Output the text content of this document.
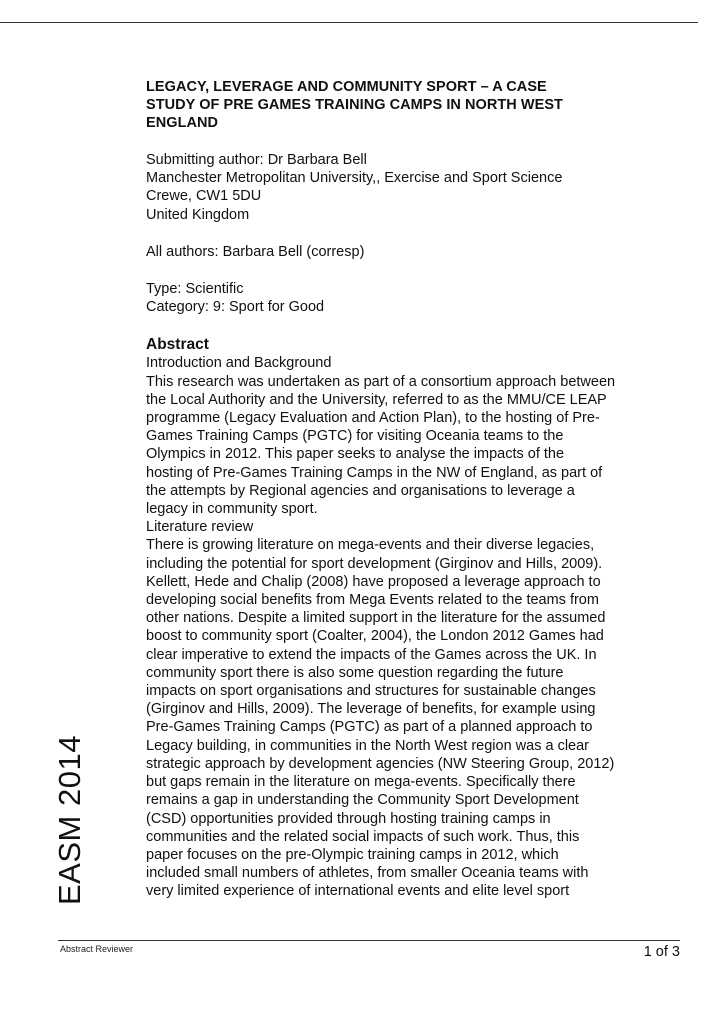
LEGACY, LEVERAGE AND COMMUNITY SPORT – A CASE
STUDY OF PRE GAMES TRAINING CAMPS IN NORTH WEST
ENGLAND
Submitting author: Dr Barbara Bell
Manchester Metropolitan University,, Exercise and Sport Science
Crewe, CW1 5DU
United Kingdom
All authors: Barbara Bell (corresp)
Type: Scientific
Category: 9: Sport for Good
Abstract
Introduction and Background
This research was undertaken as part of a consortium approach between
the Local Authority and the University, referred to as the MMU/CE LEAP
programme (Legacy Evaluation and Action Plan), to the hosting of Pre-
Games Training Camps (PGTC) for visiting Oceania teams to the
Olympics in 2012. This paper seeks to analyse the impacts of the
hosting of Pre-Games Training Camps in the NW of England, as part of
the attempts by Regional agencies and organisations to leverage a
legacy in community sport.
Literature review
There is growing literature on mega-events and their diverse legacies,
including the potential for sport development (Girginov and Hills, 2009).
Kellett, Hede and Chalip (2008) have proposed a leverage approach to
developing social benefits from Mega Events related to the teams from
other nations. Despite a limited support in the literature for the assumed
boost to community sport (Coalter, 2004), the London 2012 Games had
clear imperative to extend the impacts of the Games across the UK. In
community sport there is also some question regarding the future
impacts on sport organisations and structures for sustainable changes
(Girginov and Hills, 2009). The leverage of benefits, for example using
Pre-Games Training Camps (PGTC) as part of a planned approach to
Legacy building, in communities in the North West region was a clear
strategic approach by development agencies (NW Steering Group, 2012)
but gaps remain in the literature on mega-events. Specifically there
remains a gap in understanding the Community Sport Development
(CSD) opportunities provided through hosting training camps in
communities and the related social impacts of such work. Thus, this
paper focuses on the pre-Olympic training camps in 2012, which
included small numbers of athletes, from smaller Oceania teams with
very limited experience of international events and elite level sport
EASM 2014
Abstract Reviewer	1 of 3
